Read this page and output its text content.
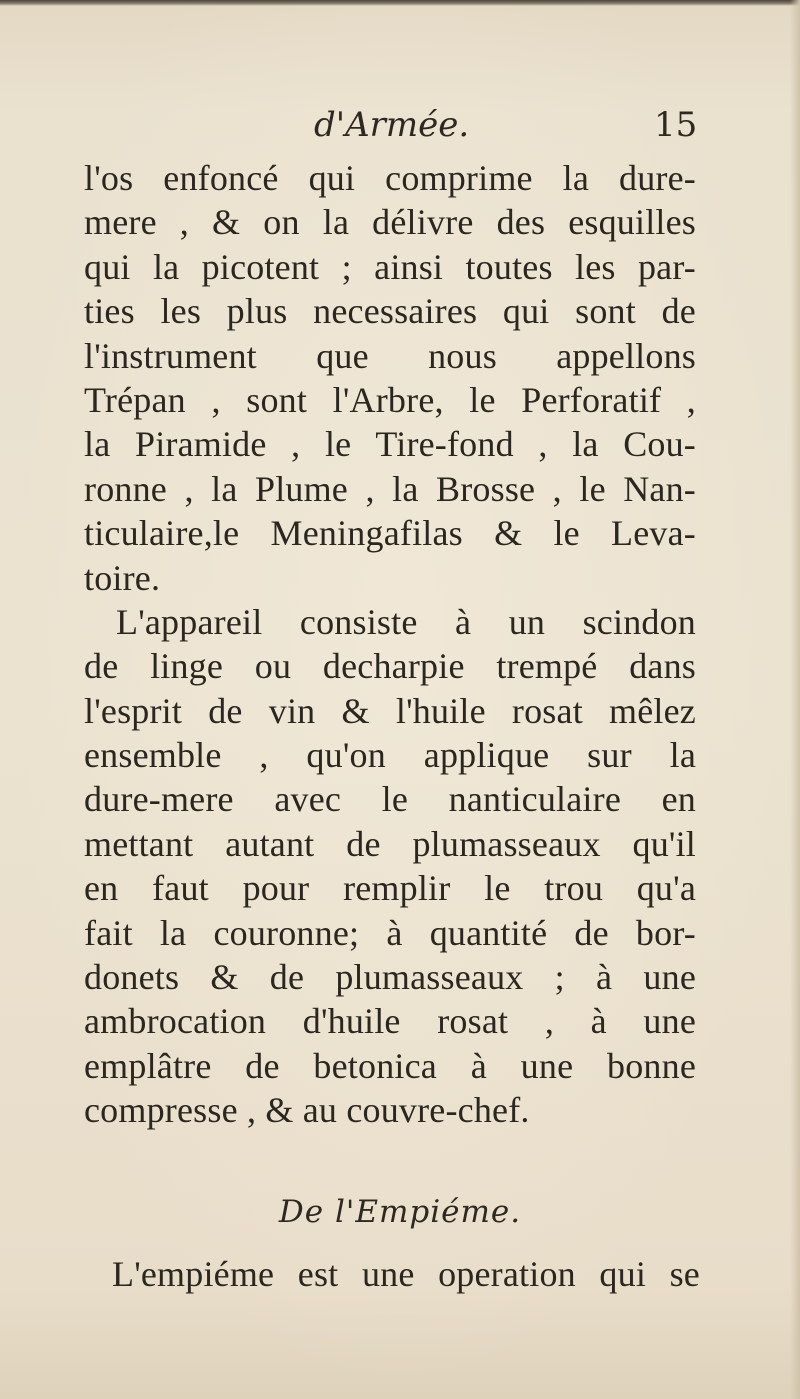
d'Armée.	15
l'os enfoncé qui comprime la dure-
mere , & on la délivre des esquilles
qui la picotent ; ainsi toutes les par-
ties les plus necessaires qui sont de
l'instrument que nous appellons
Trépan , sont l'Arbre, le Perforatif ,
la Piramide , le Tire-fond , la Cou-
ronne , la Plume , la Brosse , le Nan-
ticulaire,le Meningafilas & le Leva-
toire.
L'appareil consiste à un scindon
de linge ou decharpie trempé dans
l'esprit de vin & l'huile rosat mêlez
ensemble , qu'on applique sur la
dure-mere avec le nanticulaire en
mettant autant de plumasseaux qu'il
en faut pour remplir le trou qu'a
fait la couronne; à quantité de bor-
donets & de plumasseaux ; à une
ambrocation d'huile rosat , à une
emplâtre de betonica à une bonne
compresse , & au couvre-chef.
De l'Empiéme.
L'empiéme est une operation qui se
